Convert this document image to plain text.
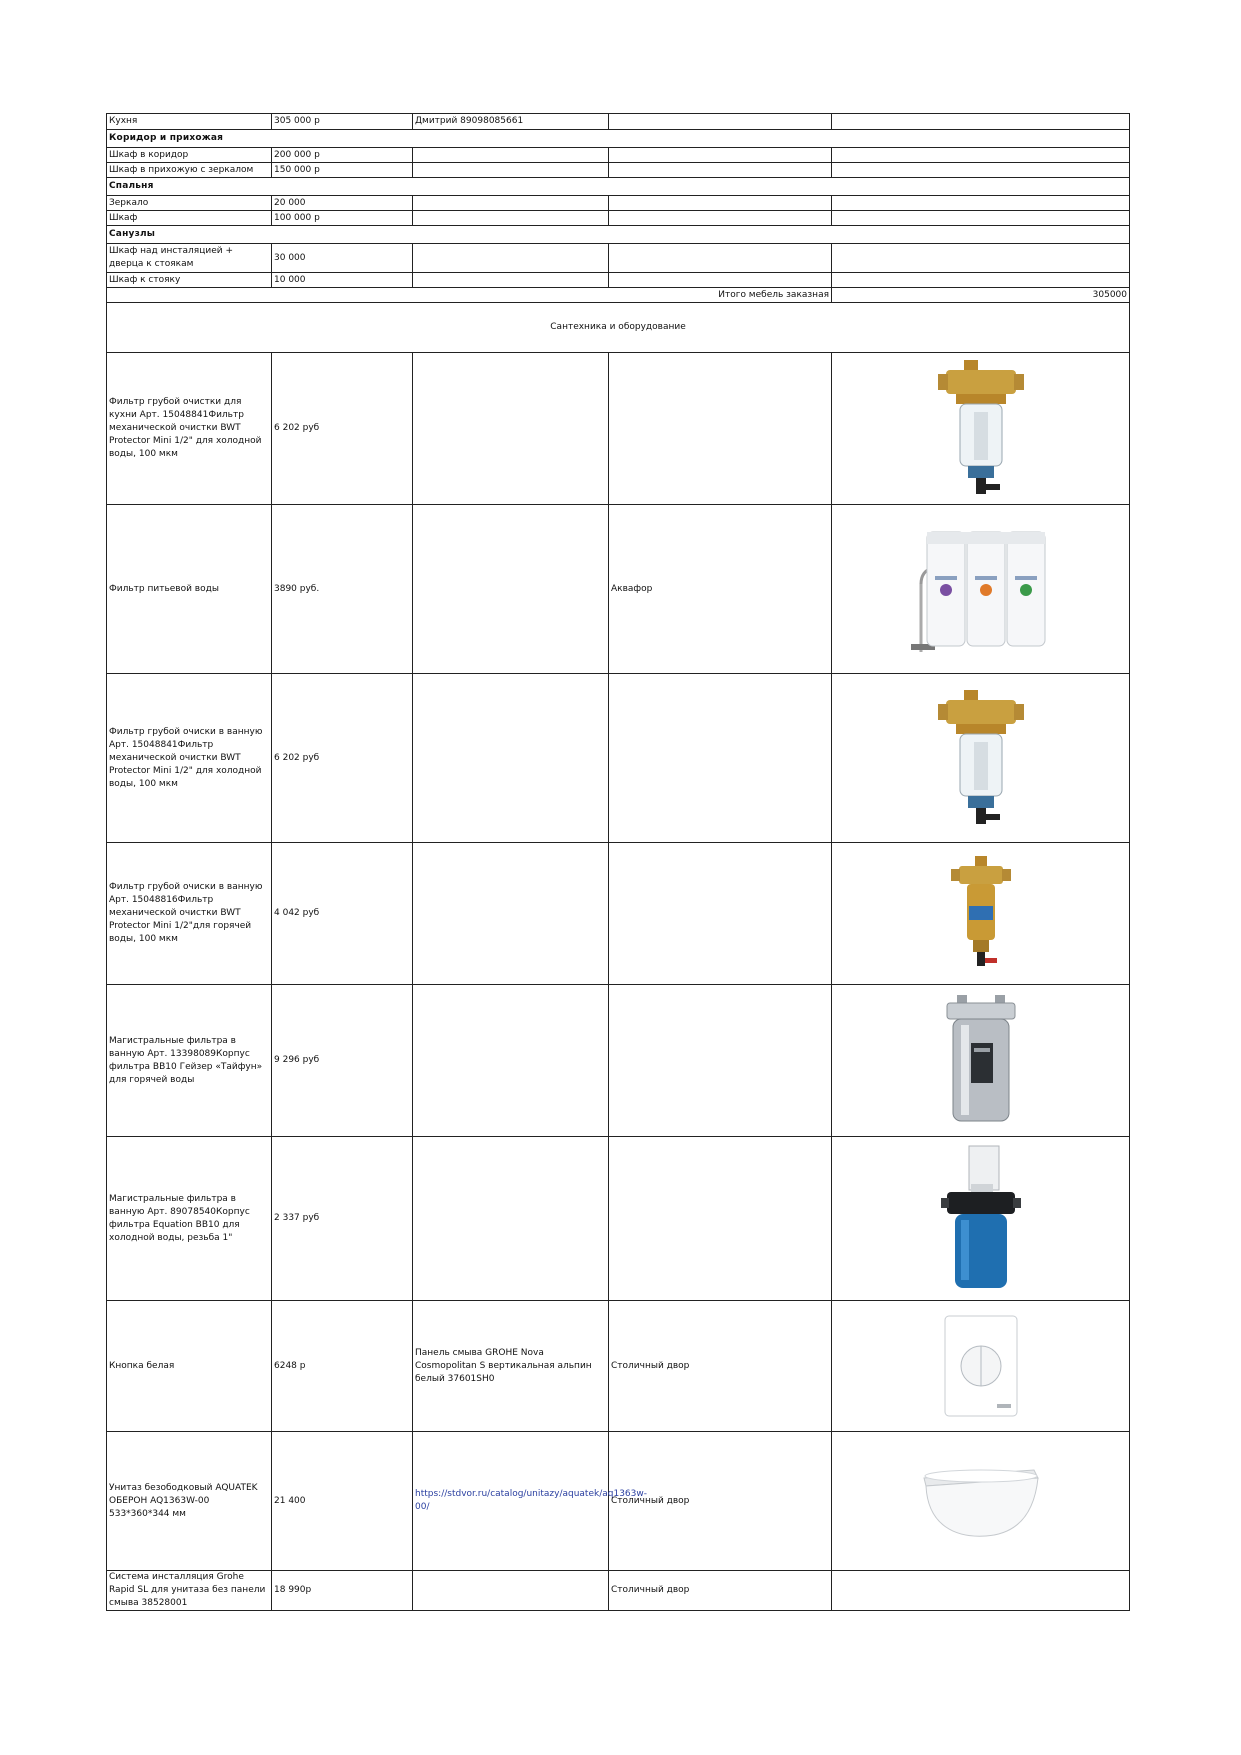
Кухня	305 000 р	Дмитрий 89098085661		
Коридор и прихожая				
Шкаф в коридор	200 000 р			
Шкаф в прихожую с зеркалом	150 000 р			
Спальня				
Зеркало	20 000			
Шкаф	100 000 р			
Санузлы				
Шкаф над инсталяцией + дверца к стоякам	30 000			
Шкаф к стояку	10 000			
Итого мебель заказная				305000
Сантехника и оборудование				
Фильтр грубой очистки для кухни Арт. 15048841Фильтр механической очистки BWT Protector Mini 1/2" для холодной воды, 100 мкм	6 202 руб			

Фильтр питьевой воды	3890 руб.		Аквафор	

Фильтр грубой очиски в ванную Арт. 15048841Фильтр механической очистки BWT Protector Mini 1/2" для холодной воды, 100 мкм	6 202 руб			

Фильтр грубой очиски в ванную Арт. 15048816Фильтр механической очистки BWT Protector Mini 1/2"для горячей воды, 100 мкм	4 042 руб			

Магистральные фильтра в ванную Арт. 13398089Корпус фильтра BB10 Гейзер «Тайфун» для горячей воды	9 296 руб			

Магистральные фильтра в ванную Арт. 89078540Корпус фильтра Equation BB10 для холодной воды, резьба 1"	2 337 руб			

Кнопка белая	6248 р	Панель смыва GROHE Nova Cosmopolitan S вертикальная альпин белый 37601SH0	Столичный двор	

Унитаз безободковый AQUATEK ОБЕРОН AQ1363W-00 533*360*344 мм	21 400	https://stdvor.ru/catalog/unitazy/aquatek/aq1363w-00/	Столичный двор	

Система инсталляция Grohe Rapid SL для унитаза без панели смыва 38528001	18 990р		Столичный двор	
